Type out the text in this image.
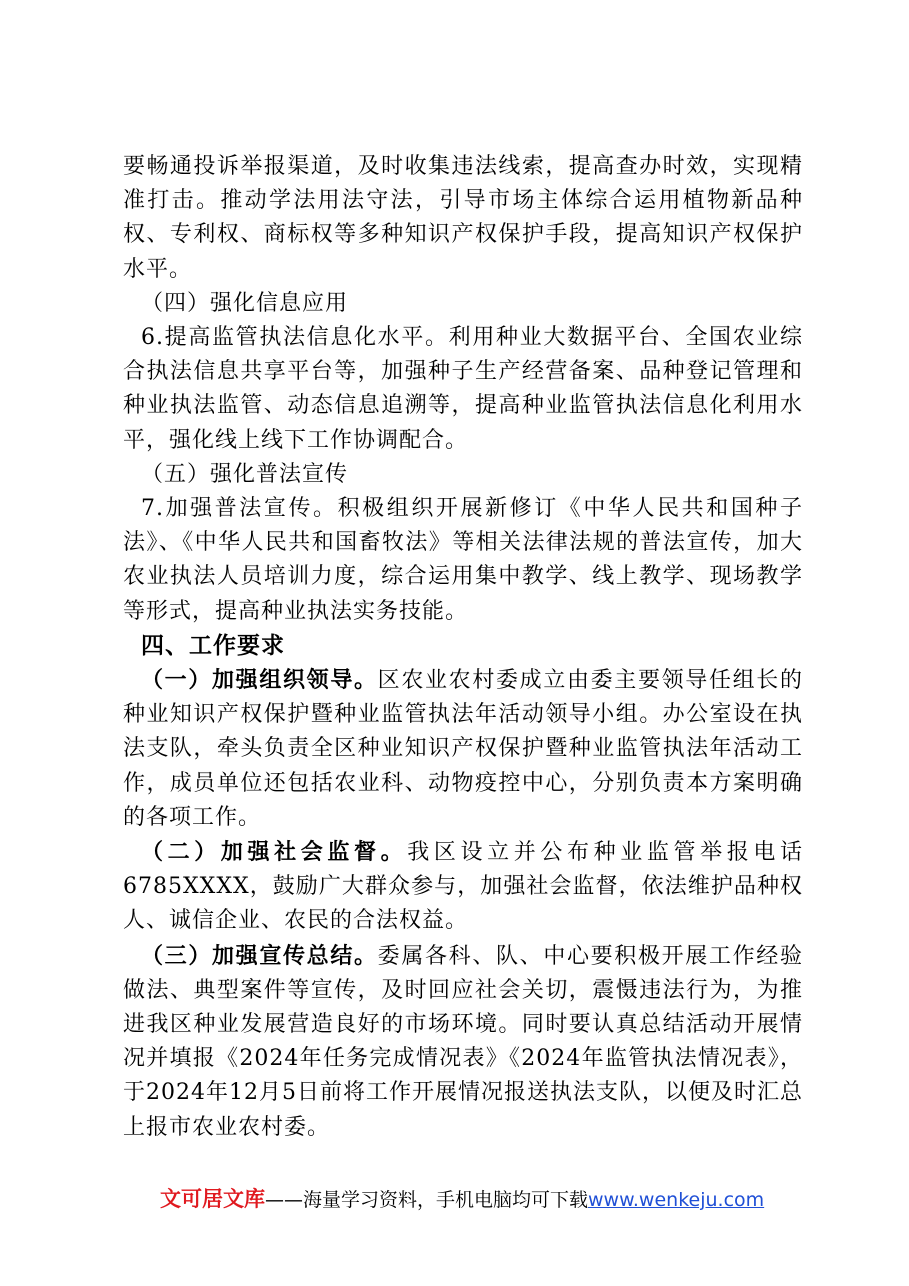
要畅通投诉举报渠道，及时收集违法线索，提高查办时效，实现精准打击。推动学法用法守法，引导市场主体综合运用植物新品种权、专利权、商标权等多种知识产权保护手段，提高知识产权保护水平。

（四）强化信息应用

6.提高监管执法信息化水平。利用种业大数据平台、全国农业综合执法信息共享平台等，加强种子生产经营备案、品种登记管理和种业执法监管、动态信息追溯等，提高种业监管执法信息化利用水平，强化线上线下工作协调配合。

（五）强化普法宣传

7.加强普法宣传。积极组织开展新修订《中华人民共和国种子法》、《中华人民共和国畜牧法》等相关法律法规的普法宣传，加大农业执法人员培训力度，综合运用集中教学、线上教学、现场教学等形式，提高种业执法实务技能。

四、工作要求

（一）加强组织领导。区农业农村委成立由委主要领导任组长的种业知识产权保护暨种业监管执法年活动领导小组。办公室设在执法支队，牵头负责全区种业知识产权保护暨种业监管执法年活动工作，成员单位还包括农业科、动物疫控中心，分别负责本方案明确的各项工作。

（二）加强社会监督。我区设立并公布种业监管举报电话6785XXXX，鼓励广大群众参与，加强社会监督，依法维护品种权人、诚信企业、农民的合法权益。

（三）加强宣传总结。委属各科、队、中心要积极开展工作经验做法、典型案件等宣传，及时回应社会关切，震慑违法行为，为推进我区种业发展营造良好的市场环境。同时要认真总结活动开展情况并填报《2024年任务完成情况表》《2024年监管执法情况表》，于2024年12月5日前将工作开展情况报送执法支队，以便及时汇总上报市农业农村委。

文可居文库——海量学习资料，手机电脑均可下载www.wenkeju.com
